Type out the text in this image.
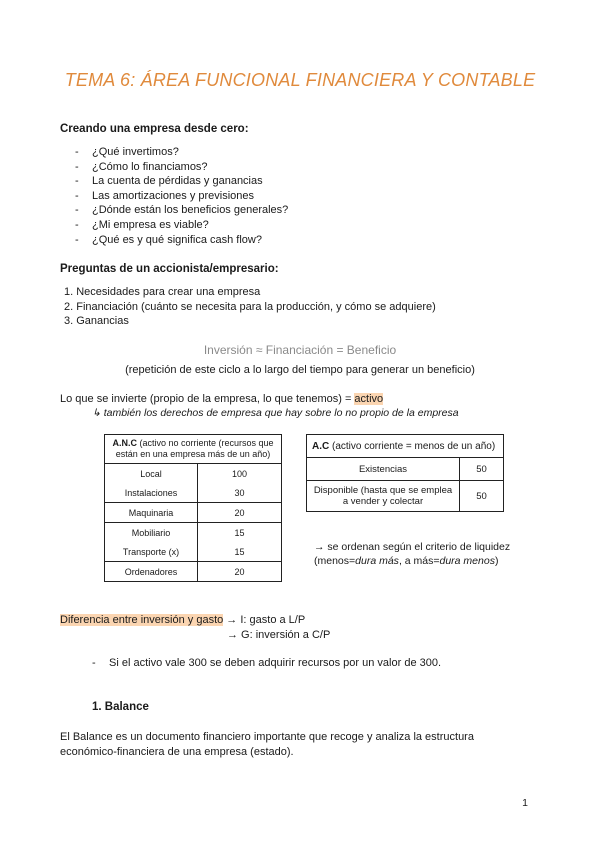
TEMA 6: ÁREA FUNCIONAL FINANCIERA Y CONTABLE
Creando una empresa desde cero:
- ¿Qué invertimos?
- ¿Cómo lo financiamos?
- La cuenta de pérdidas y ganancias
- Las amortizaciones y previsiones
- ¿Dónde están los beneficios generales?
- ¿Mi empresa es viable?
- ¿Qué es y qué significa cash flow?
Preguntas de un accionista/empresario:
1. Necesidades para crear una empresa
2. Financiación (cuánto se necesita para la producción, y cómo se adquiere)
3. Ganancias
Inversión ≈ Financiación = Beneficio
(repetición de este ciclo a lo largo del tiempo para generar un beneficio)
Lo que se invierte (propio de la empresa, lo que tenemos) = activo
↳ también los derechos de empresa que hay sobre lo no propio de la empresa
A.N.C (activo no corriente (recursos que están en una empresa más de un año)	
Local	100
Instalaciones	30
Maquinaria	20
Mobiliario	15
Transporte (x)	15
Ordenadores	20
A.C (activo corriente = menos de un año)	
Existencias	50
Disponible (hasta que se emplea a vender y colectar	50
→ se ordenan según el criterio de liquidez
(menos=dura más, a más=dura menos)
Diferencia entre inversión y gasto → I: gasto a L/P
→ G: inversión a C/P
- Si el activo vale 300 se deben adquirir recursos por un valor de 300.
1. Balance
El Balance es un documento financiero importante que recoge y analiza la estructura
económico-financiera de una empresa (estado).
1
